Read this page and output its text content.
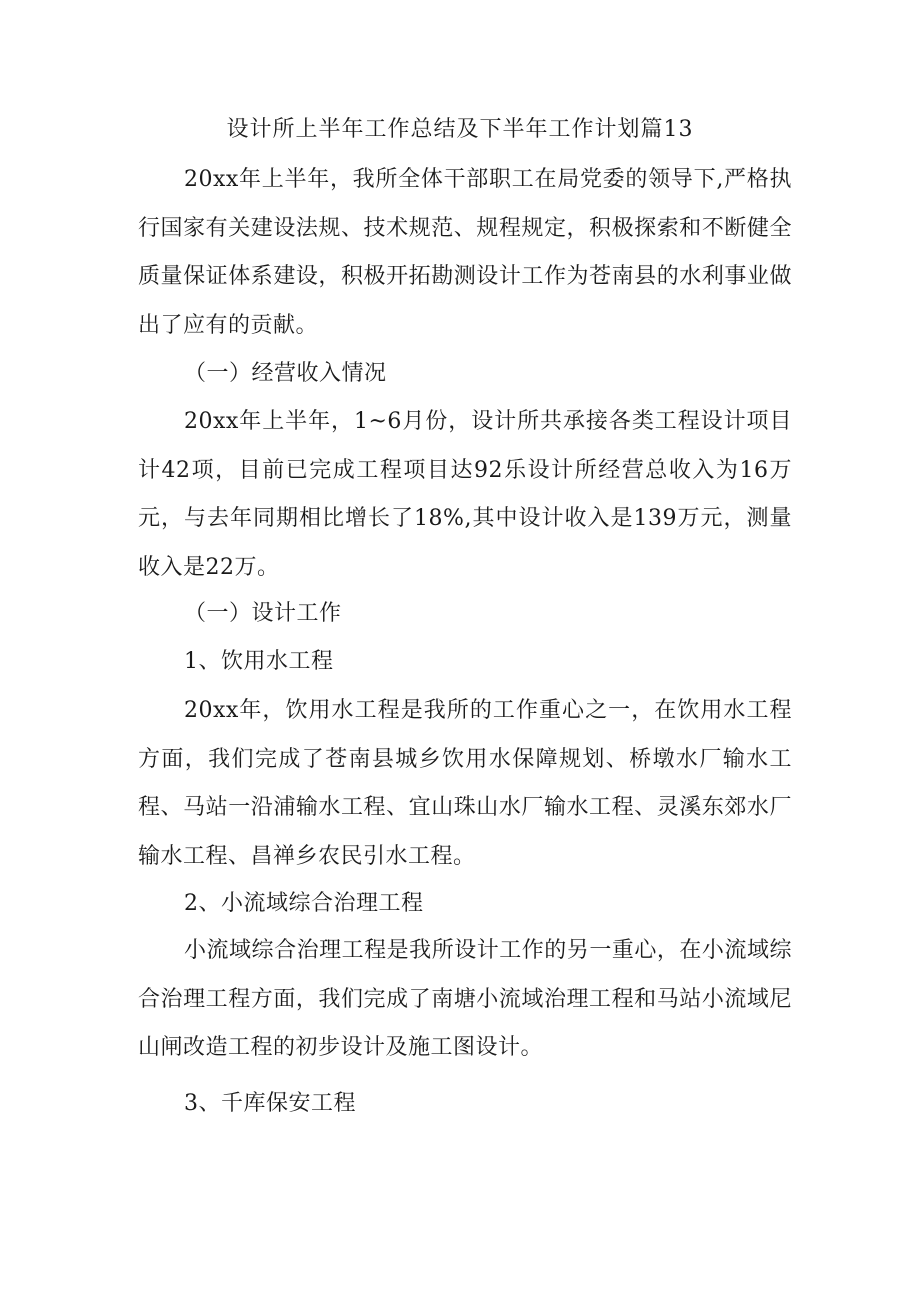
设计所上半年工作总结及下半年工作计划篇13

20xx年上半年，我所全体干部职工在局党委的领导下,严格执行国家有关建设法规、技术规范、规程规定，积极探索和不断健全质量保证体系建设，积极开拓勘测设计工作为苍南县的水利事业做出了应有的贡献。

（一）经营收入情况

20xx年上半年，1~6月份，设计所共承接各类工程设计项目计42项，目前已完成工程项目达92乐设计所经营总收入为16万元，与去年同期相比增长了18%,其中设计收入是139万元，测量收入是22万。

（一）设计工作

1、饮用水工程

20xx年，饮用水工程是我所的工作重心之一，在饮用水工程方面，我们完成了苍南县城乡饮用水保障规划、桥墩水厂输水工程、马站一沿浦输水工程、宜山珠山水厂输水工程、灵溪东郊水厂输水工程、昌禅乡农民引水工程。

2、小流域综合治理工程

小流域综合治理工程是我所设计工作的另一重心，在小流域综合治理工程方面，我们完成了南塘小流域治理工程和马站小流域尼山闸改造工程的初步设计及施工图设计。

3、千库保安工程
